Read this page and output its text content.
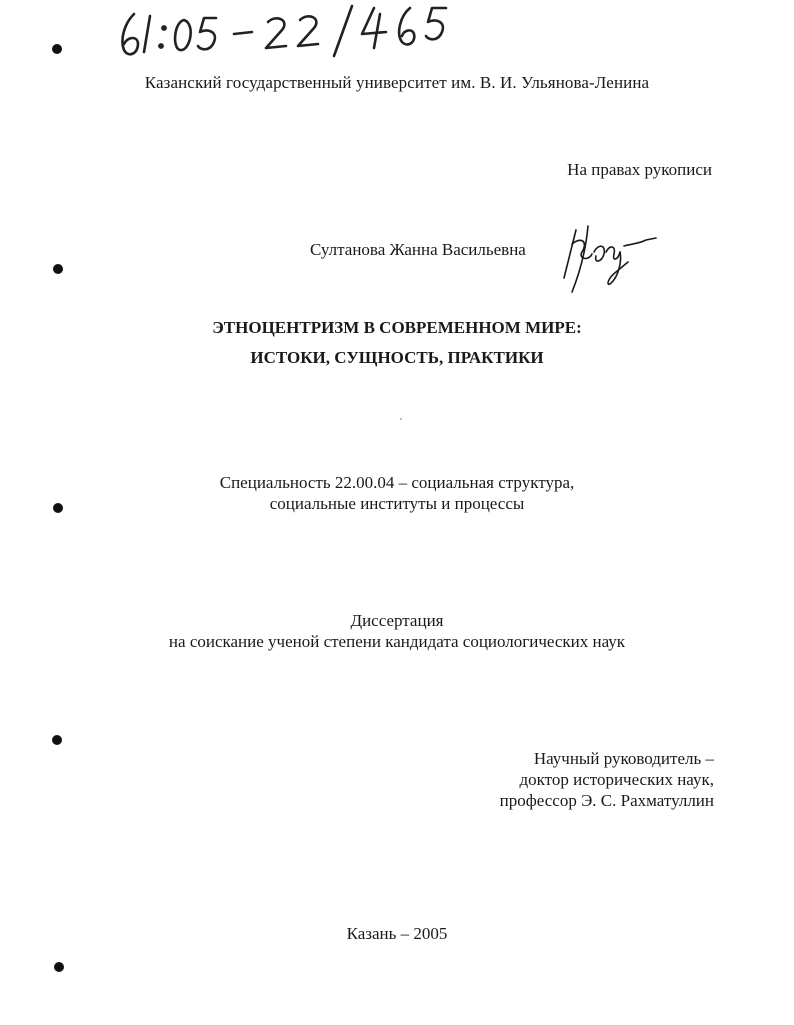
Казанский государственный университет им. В. И. Ульянова-Ленина
На правах рукописи
Султанова Жанна Васильевна
ЭТНОЦЕНТРИЗМ В СОВРЕМЕННОМ МИРЕ:
ИСТОКИ, СУЩНОСТЬ, ПРАКТИКИ
Специальность 22.00.04 – социальная структура,
социальные институты и процессы
Диссертация
на соискание ученой степени кандидата социологических наук
Научный руководитель –
доктор исторических наук,
профессор Э. С. Рахматуллин
Казань – 2005
